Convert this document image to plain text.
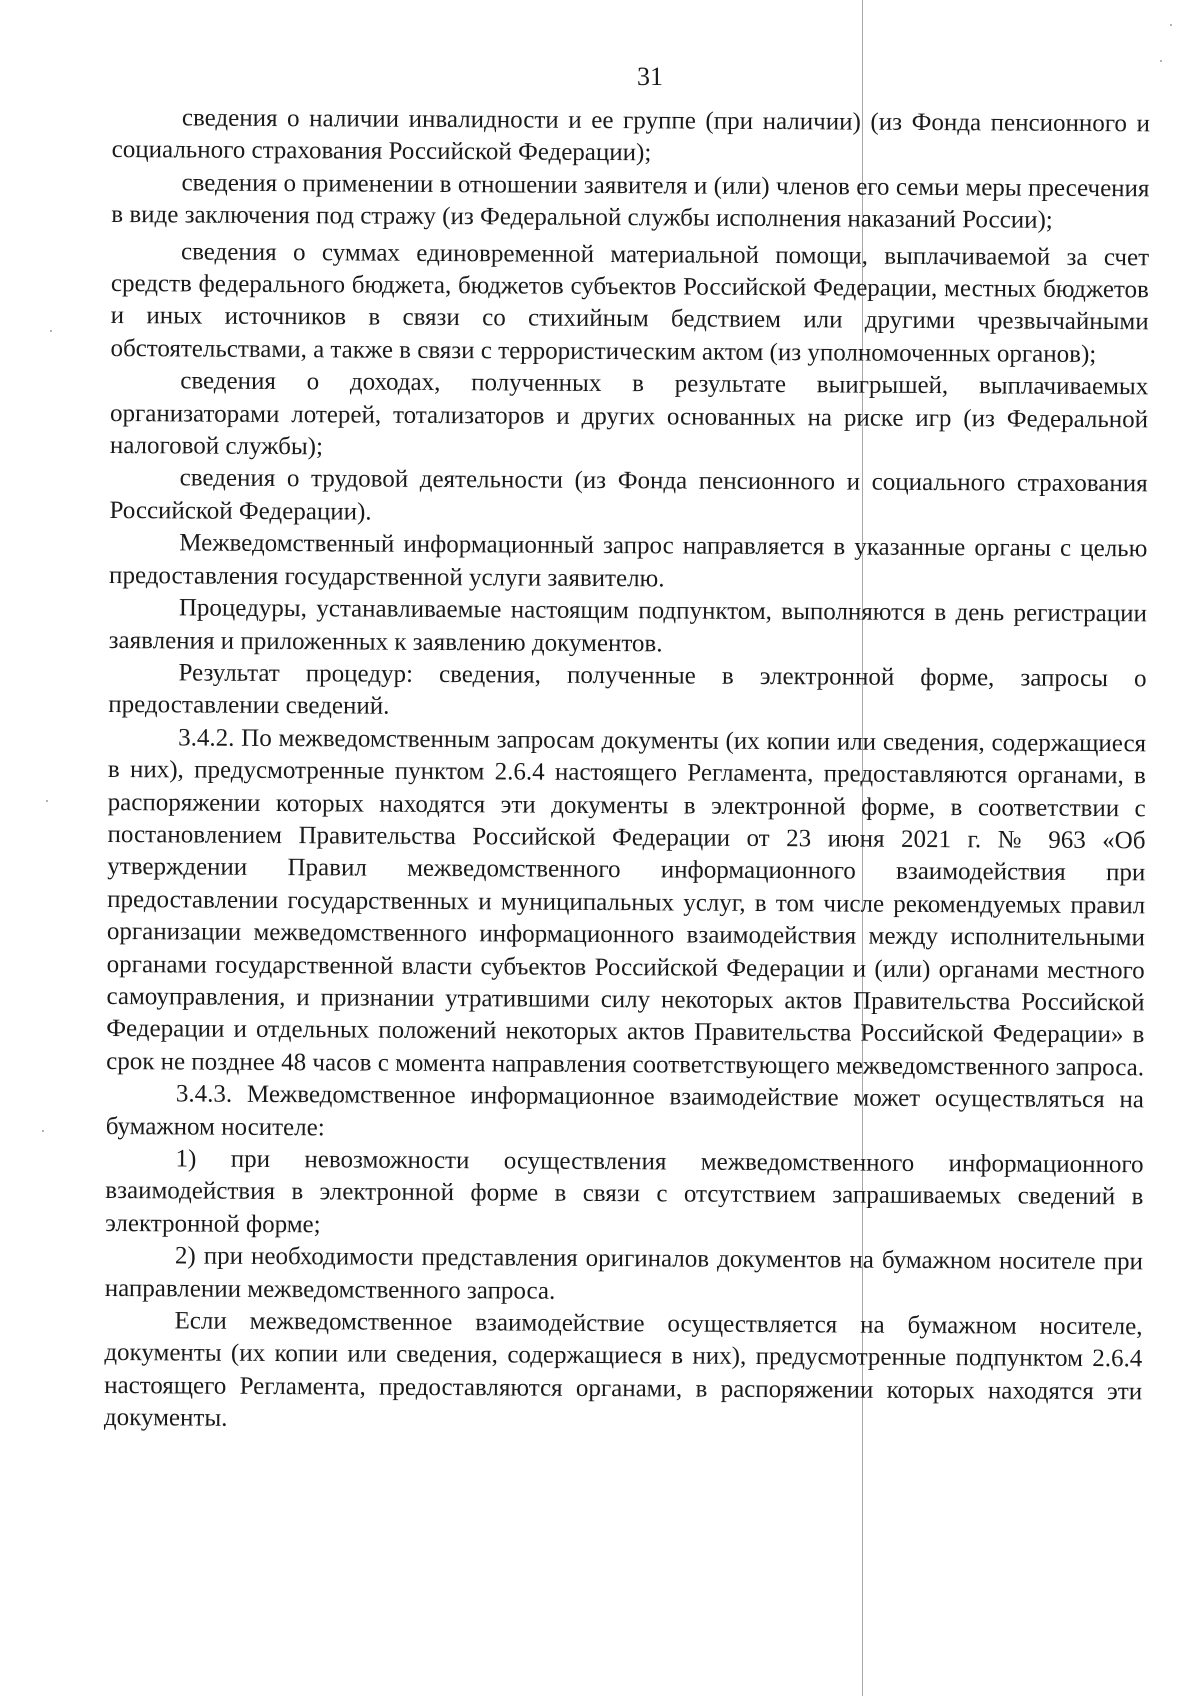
31

сведения о наличии инвалидности и ее группе (при наличии) (из Фонда пенсионного и социального страхования Российской Федерации);

сведения о применении в отношении заявителя и (или) членов его семьи меры пресечения в виде заключения под стражу (из Федеральной службы исполнения наказаний России);

сведения о суммах единовременной материальной помощи, выплачиваемой за счет средств федерального бюджета, бюджетов субъектов Российской Федерации, местных бюджетов и иных источников в связи со стихийным бедствием или другими чрезвычайными обстоятельствами, а также в связи с террористическим актом (из уполномоченных органов);

сведения о доходах, полученных в результате выигрышей, выплачиваемых организаторами лотерей, тотализаторов и других основанных на риске игр (из Федеральной налоговой службы);

сведения о трудовой деятельности (из Фонда пенсионного и социального страхования Российской Федерации).

Межведомственный информационный запрос направляется в указанные органы с целью предоставления государственной услуги заявителю.

Процедуры, устанавливаемые настоящим подпунктом, выполняются в день регистрации заявления и приложенных к заявлению документов.

Результат процедур: сведения, полученные в электронной форме, запросы о предоставлении сведений.

3.4.2. По межведомственным запросам документы (их копии или сведения, содержащиеся в них), предусмотренные пунктом 2.6.4 настоящего Регламента, предоставляются органами, в распоряжении которых находятся эти документы в электронной форме, в соответствии с постановлением Правительства Российской Федерации от 23 июня 2021 г. № 963 «Об утверждении Правил межведомственного информационного взаимодействия при предоставлении государственных и муниципальных услуг, в том числе рекомендуемых правил организации межведомственного информационного взаимодействия между исполнительными органами государственной власти субъектов Российской Федерации и (или) органами местного самоуправления, и признании утратившими силу некоторых актов Правительства Российской Федерации и отдельных положений некоторых актов Правительства Российской Федерации» в срок не позднее 48 часов с момента направления соответствующего межведомственного запроса.

3.4.3. Межведомственное информационное взаимодействие может осуществляться на бумажном носителе:

1) при невозможности осуществления межведомственного информационного взаимодействия в электронной форме в связи с отсутствием запрашиваемых сведений в электронной форме;

2) при необходимости представления оригиналов документов на бумажном носителе при направлении межведомственного запроса.

Если межведомственное взаимодействие осуществляется на бумажном носителе, документы (их копии или сведения, содержащиеся в них), предусмотренные подпунктом 2.6.4 настоящего Регламента, предоставляются органами, в распоряжении которых находятся эти документы.
